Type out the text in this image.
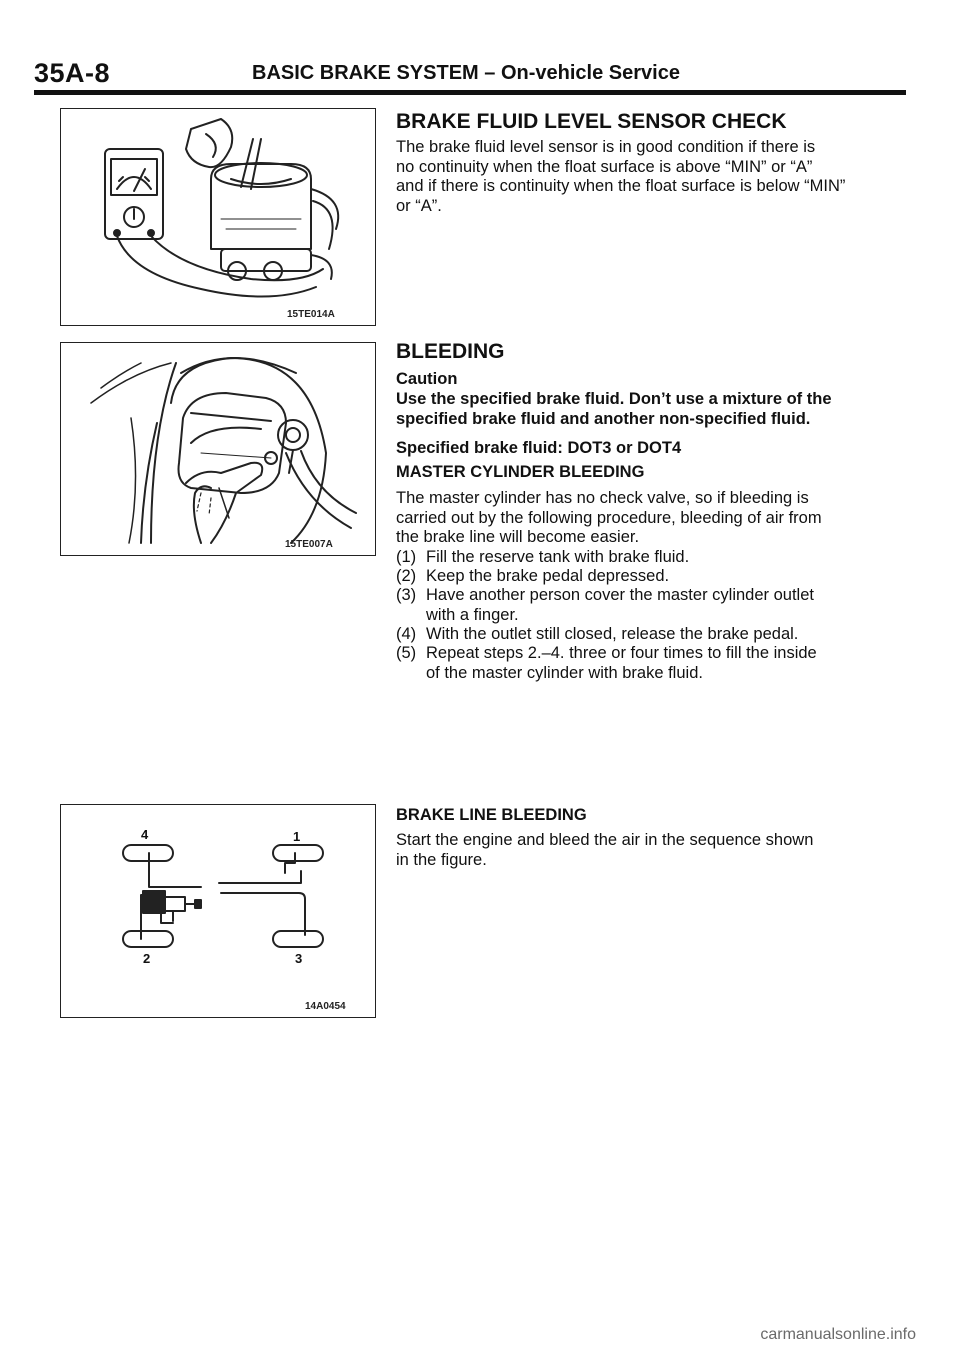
35A-8	BASIC BRAKE SYSTEM – On-vehicle Service
15TE014A
15TE007A
4	1
2	3
14A0454
BRAKE FLUID LEVEL SENSOR CHECK
The brake fluid level sensor is in good condition if there is
no continuity when the float surface is above “MIN” or “A”
and if there is continuity when the float surface is below “MIN”
or “A”.
BLEEDING
Caution
Use the specified brake fluid. Don’t use a mixture of the
specified brake fluid and another non-specified fluid.
Specified brake fluid: DOT3 or DOT4
MASTER CYLINDER BLEEDING
The master cylinder has no check valve, so if bleeding is
carried out by the following procedure, bleeding of air from
the brake line will become easier.
(1) Fill the reserve tank with brake fluid.
(2) Keep the brake pedal depressed.
(3) Have another person cover the master cylinder outlet
with a finger.
(4) With the outlet still closed, release the brake pedal.
(5) Repeat steps 2.–4. three or four times to fill the inside
of the master cylinder with brake fluid.
BRAKE LINE BLEEDING
Start the engine and bleed the air in the sequence shown
in the figure.
carmanualsonline.info
